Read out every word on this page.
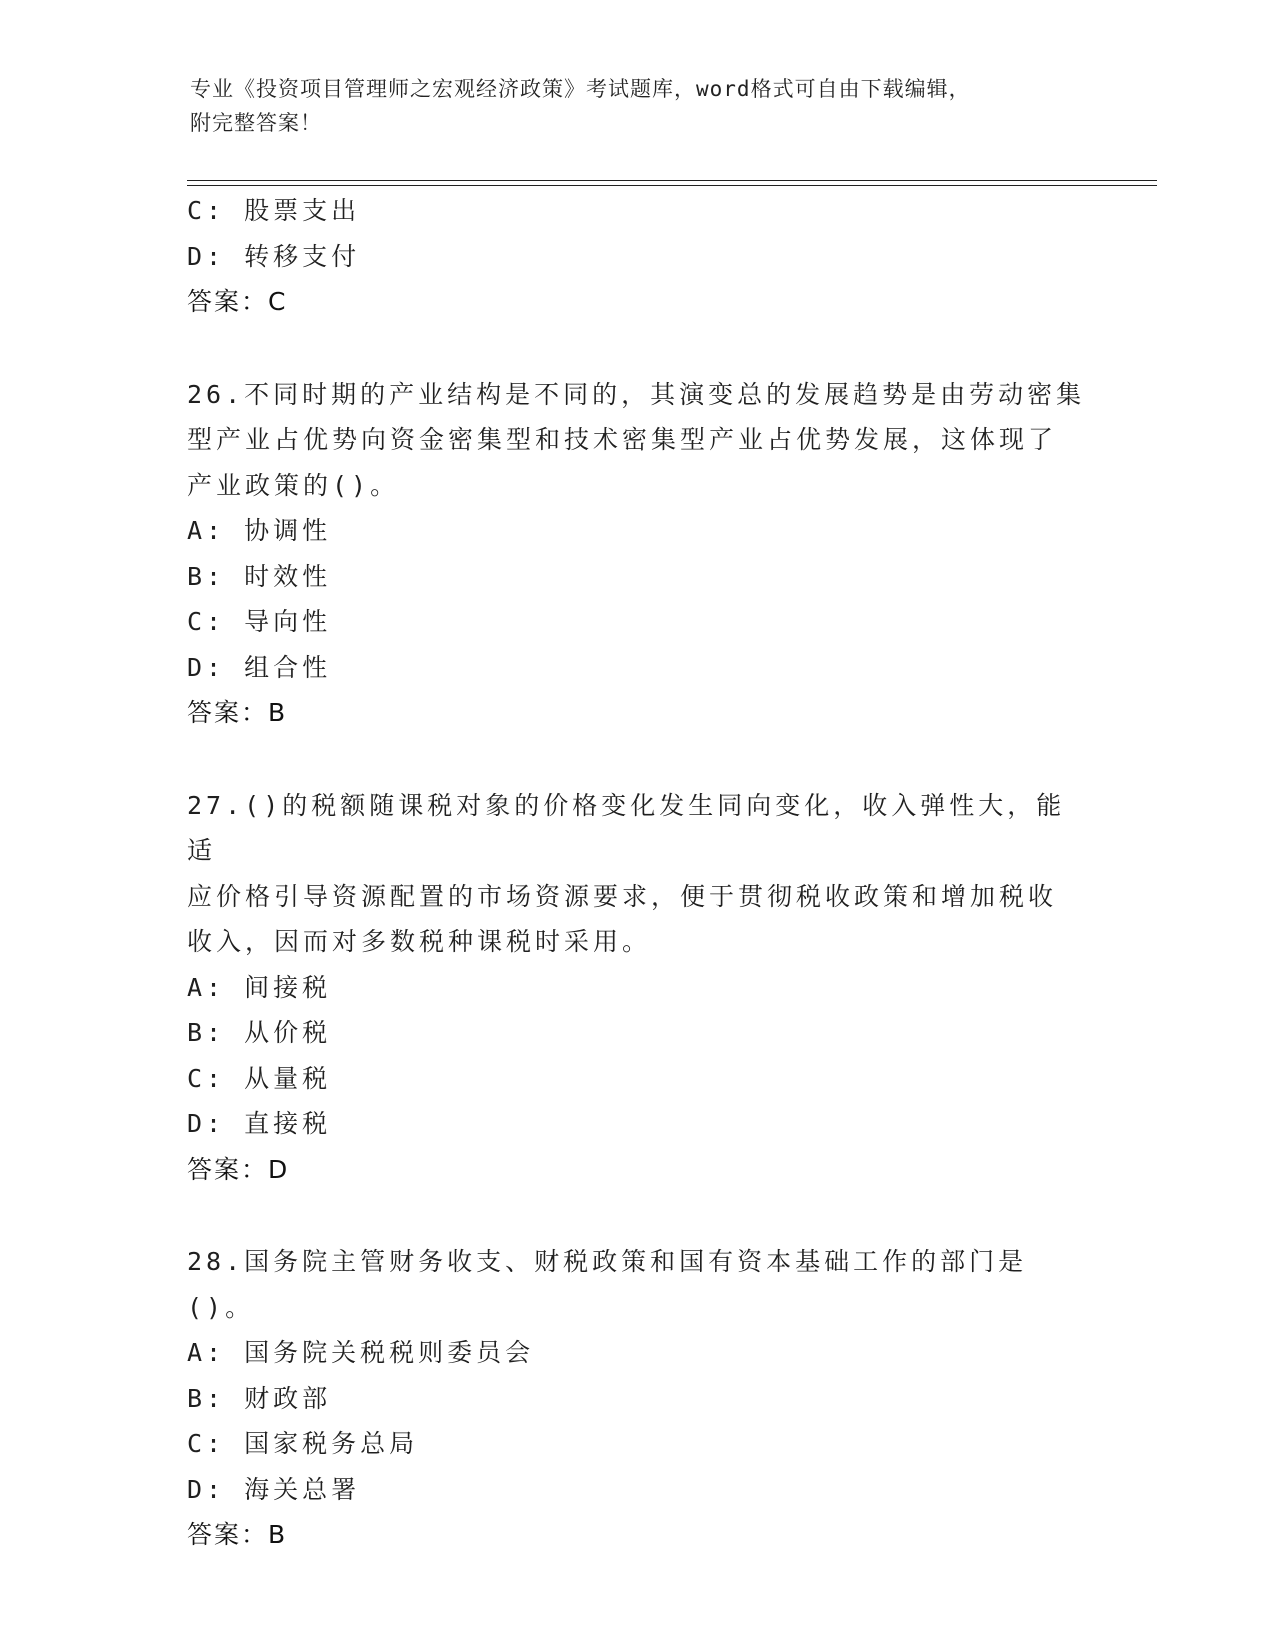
专业《投资项目管理师之宏观经济政策》考试题库，word格式可自由下载编辑，
附完整答案！
C: 股票支出
D: 转移支付
答案：C
26.不同时期的产业结构是不同的，其演变总的发展趋势是由劳动密集
型产业占优势向资金密集型和技术密集型产业占优势发展，这体现了
产业政策的()。
A: 协调性
B: 时效性
C: 导向性
D: 组合性
答案：B
27.()的税额随课税对象的价格变化发生同向变化，收入弹性大，能适
应价格引导资源配置的市场资源要求，便于贯彻税收政策和增加税收
收入，因而对多数税种课税时采用。
A: 间接税
B: 从价税
C: 从量税
D: 直接税
答案：D
28.国务院主管财务收支、财税政策和国有资本基础工作的部门是()。
A: 国务院关税税则委员会
B: 财政部
C: 国家税务总局
D: 海关总署
答案：B
